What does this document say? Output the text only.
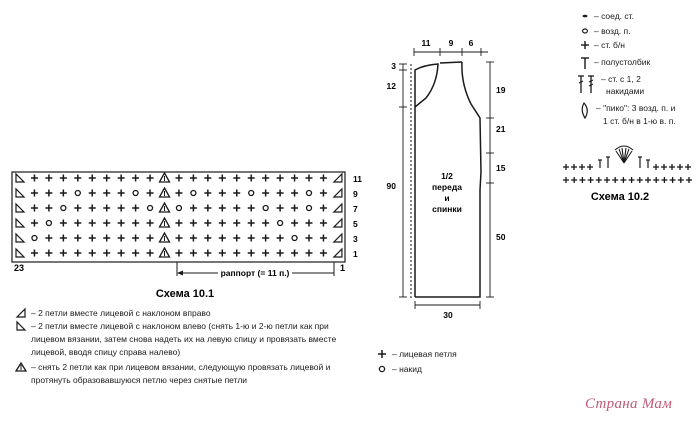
23	1
раппорт (= 11 п.)
Схема 10.1
11 9 6
3
12
90
19
21
15
50
30
1/2
переда
и
спинки
Схема 10.2
11
9
7
5
3
1
– 2 петли вместе лицевой с наклоном вправо
– 2 петли вместе лицевой с наклоном влево (снять 1-ю и 2-ю петли как при
лицевом вязании, затем снова надеть их на левую спицу и провязать вместе
лицевой, вводя спицу справа налево)
– снять 2 петли как при лицевом вязании, следующую провязать лицевой и
протянуть образовавшуюся петлю через снятые петли
– лицевая петля
– накид
– соед. ст.
– возд. п.
– ст. б/н
– полустолбик
– ст. с 1, 2
накидами
– "пико": 3 возд. п. и
1 ст. б/н в 1-ю в. п.
Страна Мам
